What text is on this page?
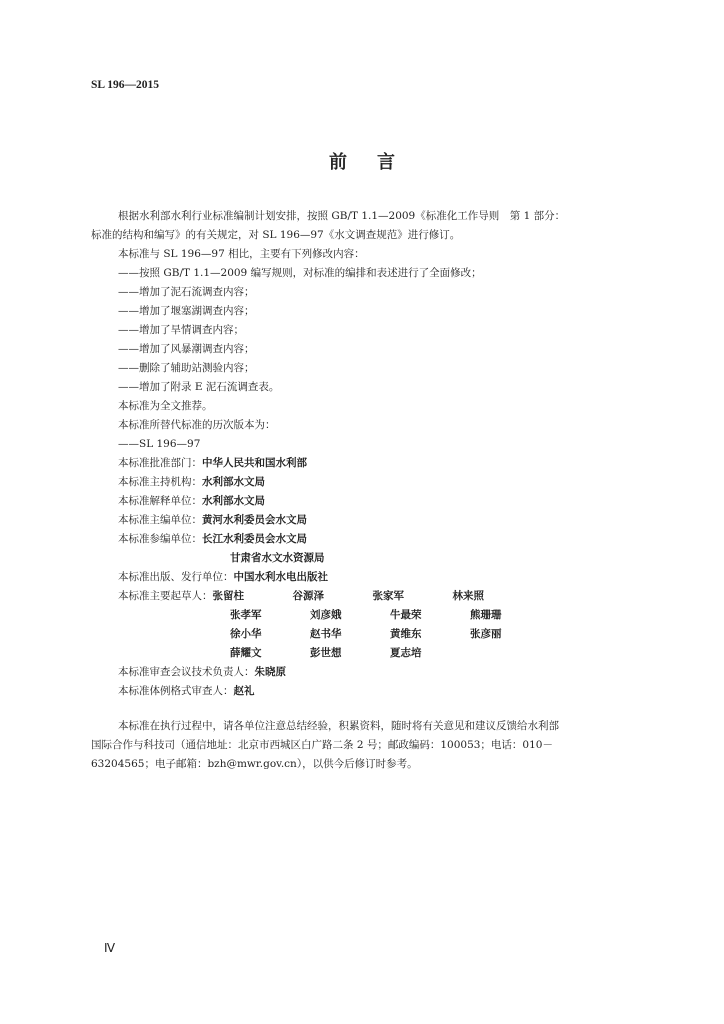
SL 196—2015
前言
根据水利部水利行业标准编制计划安排，按照 GB/T 1.1—2009《标准化工作导则　第 1 部分：
标准的结构和编写》的有关规定，对 SL 196—97《水文调查规范》进行修订。
本标准与 SL 196—97 相比，主要有下列修改内容：
——按照 GB/T 1.1—2009 编写规则，对标准的编排和表述进行了全面修改；
——增加了泥石流调查内容；
——增加了堰塞湖调查内容；
——增加了旱情调查内容；
——增加了风暴潮调查内容；
——删除了辅助站测验内容；
——增加了附录 E 泥石流调查表。
本标准为全文推荐。
本标准所替代标准的历次版本为：
——SL 196—97
本标准批准部门：中华人民共和国水利部
本标准主持机构：水利部水文局
本标准解释单位：水利部水文局
本标准主编单位：黄河水利委员会水文局
本标准参编单位：长江水利委员会水文局
甘肃省水文水资源局
本标准出版、发行单位：中国水利水电出版社
本标准主要起草人：张留柱	谷源泽	张家军	林来照
张孝军	刘彦娥	牛最荣	熊珊珊
徐小华	赵书华	黄维东	张彦丽
薛耀文	彭世想	夏志培
本标准审查会议技术负责人：朱晓原
本标准体例格式审查人：赵礼
本标准在执行过程中，请各单位注意总结经验，积累资料，随时将有关意见和建议反馈给水利部
国际合作与科技司（通信地址：北京市西城区白广路二条 2 号；邮政编码：100053；电话：010－
63204565；电子邮箱：bzh@mwr.gov.cn），以供今后修订时参考。
Ⅳ
